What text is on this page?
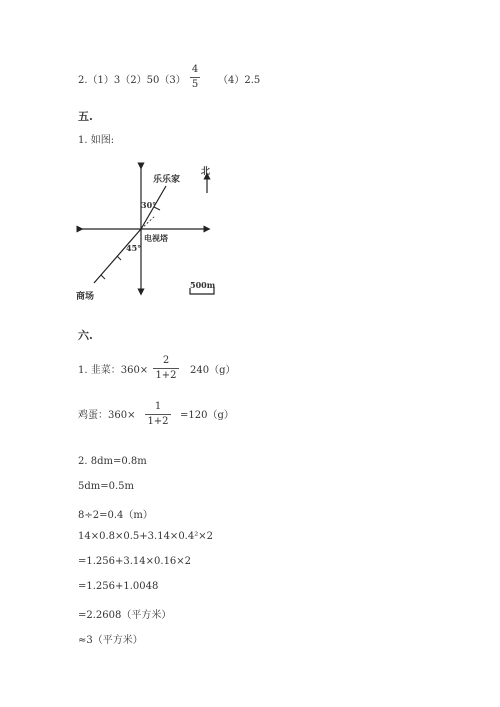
2.（1）3（2）50（3）
4
5 （4）2.5
五.
1. 如图:
北
乐乐家
30°
电视塔
45°
商场
500m
六.
1. 韭菜：360×
2
1+2 240（g）
鸡蛋：360×
1
1+2
=120（g）
2. 8dm=0.8m
5dm=0.5m
8÷2=0.4（m）
14×0.8×0.5+3.14×0.4²×2
=1.256+3.14×0.16×2
=1.256+1.0048
=2.2608（平方米）
≈3（平方米）
